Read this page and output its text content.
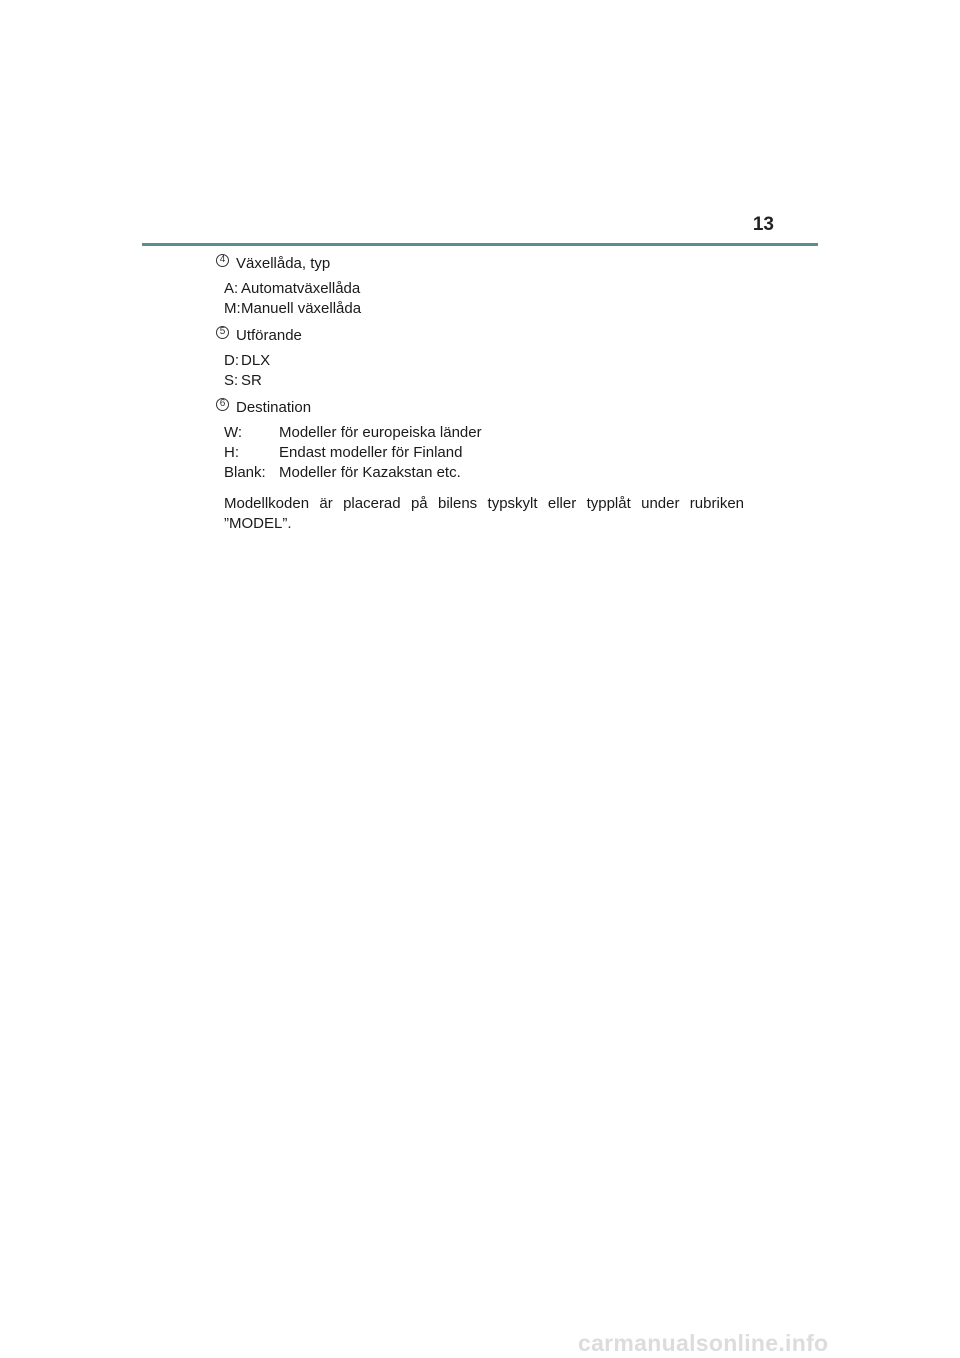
13
4 Växellåda, typ
A: Automatväxellåda
M: Manuell växellåda
5 Utförande
D: DLX
S: SR
6 Destination
W:	Modeller för europeiska länder
H:	Endast modeller för Finland
Blank: Modeller för Kazakstan etc.

Modellkoden är placerad på bilens typskylt eller typplåt under rubriken ”MODEL”.

carmanualsonline.info
